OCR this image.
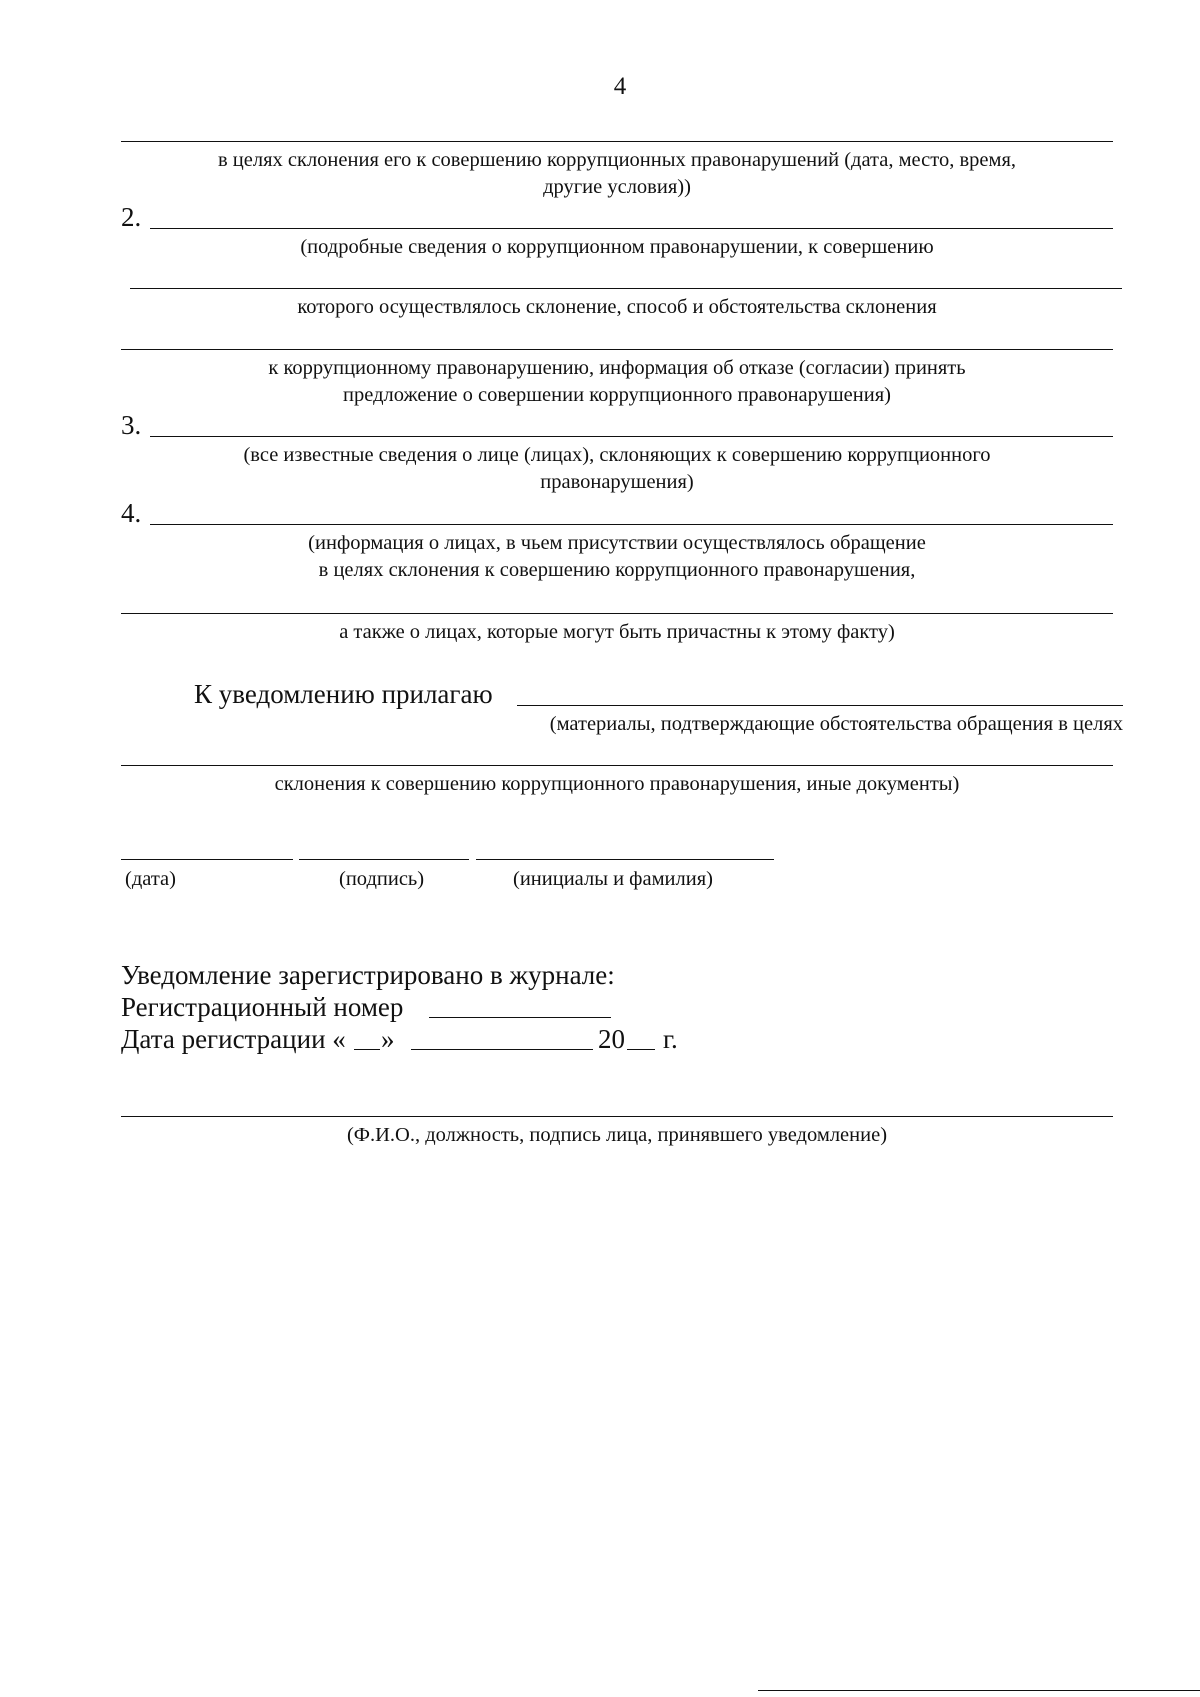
4
в целях склонения его к совершению коррупционных правонарушений (дата, место, время,
другие условия))
2.
(подробные сведения о коррупционном правонарушении, к совершению
которого осуществлялось склонение, способ и обстоятельства склонения
к коррупционному правонарушению, информация об отказе (согласии) принять
предложение о совершении коррупционного правонарушения)
3.
(все известные сведения о лице (лицах), склоняющих к совершению коррупционного
правонарушения)
4.
(информация о лицах, в чьем присутствии осуществлялось обращение
в целях склонения к совершению коррупционного правонарушения,
а также о лицах, которые могут быть причастны к этому факту)
К уведомлению прилагаю
(материалы, подтверждающие обстоятельства обращения в целях
склонения к совершению коррупционного правонарушения, иные документы)
(дата)	(подпись)	(инициалы и фамилия)
Уведомление зарегистрировано в журнале:
Регистрационный номер
Дата регистрации « »	20 г.
(Ф.И.О., должность, подпись лица, принявшего уведомление)
